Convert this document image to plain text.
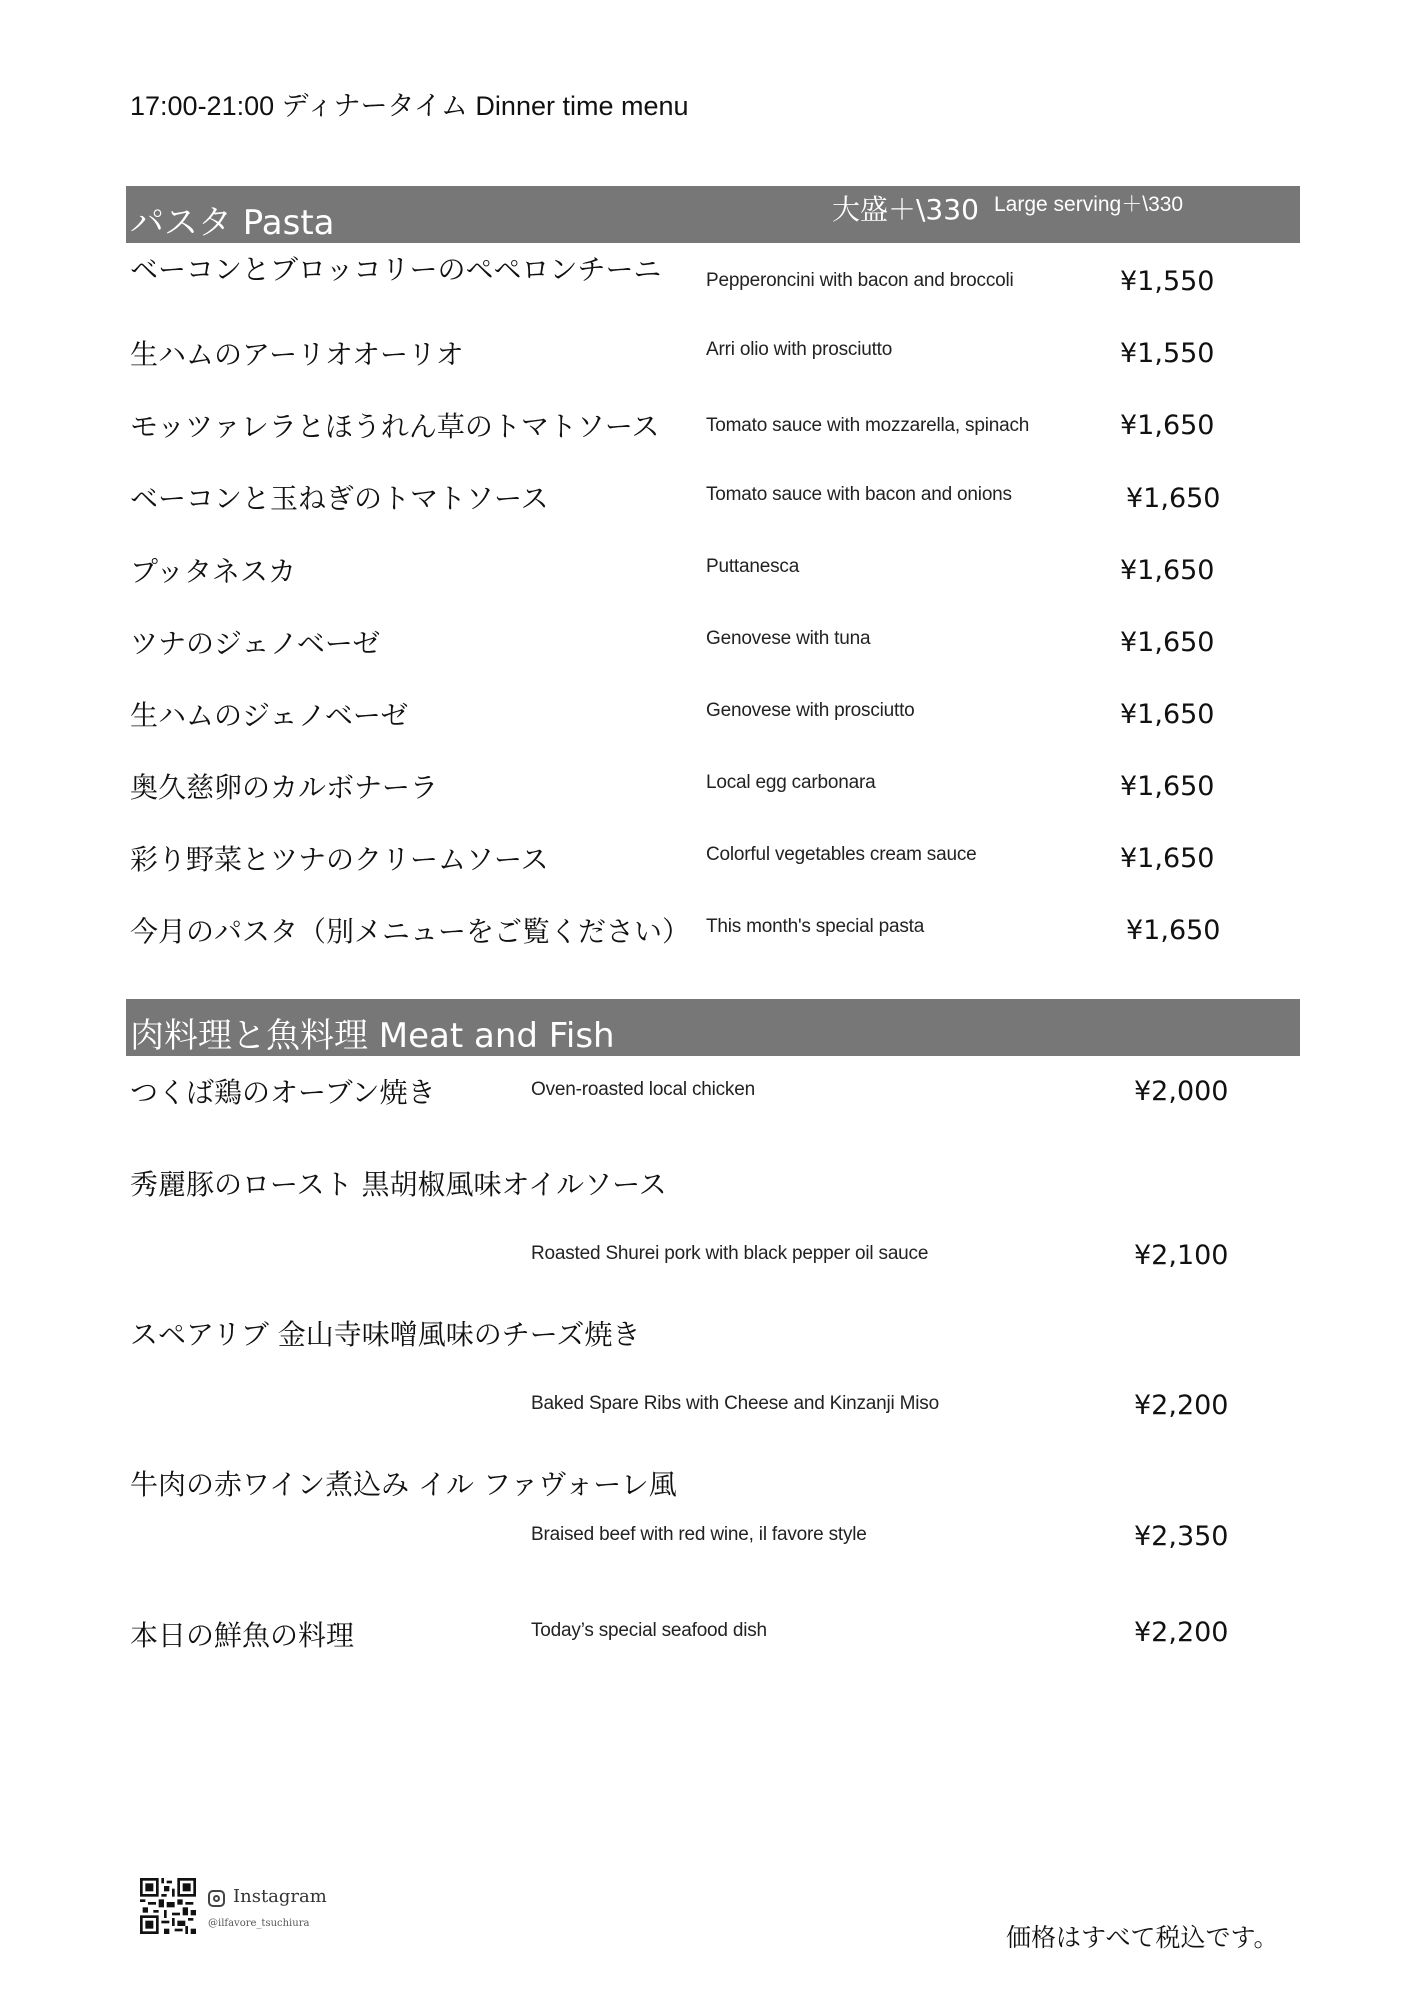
17:00-21:00 ディナータイム Dinner time menu
パスタ Pasta	大盛＋\330 Large serving＋\330
ベーコンとブロッコリーのペペロンチーニ Pepperoncini with bacon and broccoli	¥1,550
生ハムのアーリオオーリオ	Arri olio with prosciutto	¥1,550
モッツァレラとほうれん草のトマトソース Tomato sauce with mozzarella, spinach	¥1,650
ベーコンと玉ねぎのトマトソース	Tomato sauce with bacon and onions	¥1,650
プッタネスカ	Puttanesca	¥1,650
ツナのジェノベーゼ	Genovese with tuna	¥1,650
生ハムのジェノベーゼ	Genovese with prosciutto	¥1,650
奥久慈卵のカルボナーラ	Local egg carbonara	¥1,650
彩り野菜とツナのクリームソース	Colorful vegetables cream sauce	¥1,650
今月のパスタ（別メニューをご覧ください） This month's special pasta	¥1,650
肉料理と魚料理 Meat and Fish
つくば鶏のオーブン焼き	Oven-roasted local chicken	¥2,000
秀麗豚のロースト 黒胡椒風味オイルソース
Roasted Shurei pork with black pepper oil sauce	¥2,100
スペアリブ 金山寺味噌風味のチーズ焼き
Baked Spare Ribs with Cheese and Kinzanji Miso	¥2,200
牛肉の赤ワイン煮込み イル ファヴォーレ風
Braised beef with red wine, il favore style	¥2,350
本日の鮮魚の料理	Today’s special seafood dish	¥2,200
Instagram
@ilfavore_tsuchiura	価格はすべて税込です。
